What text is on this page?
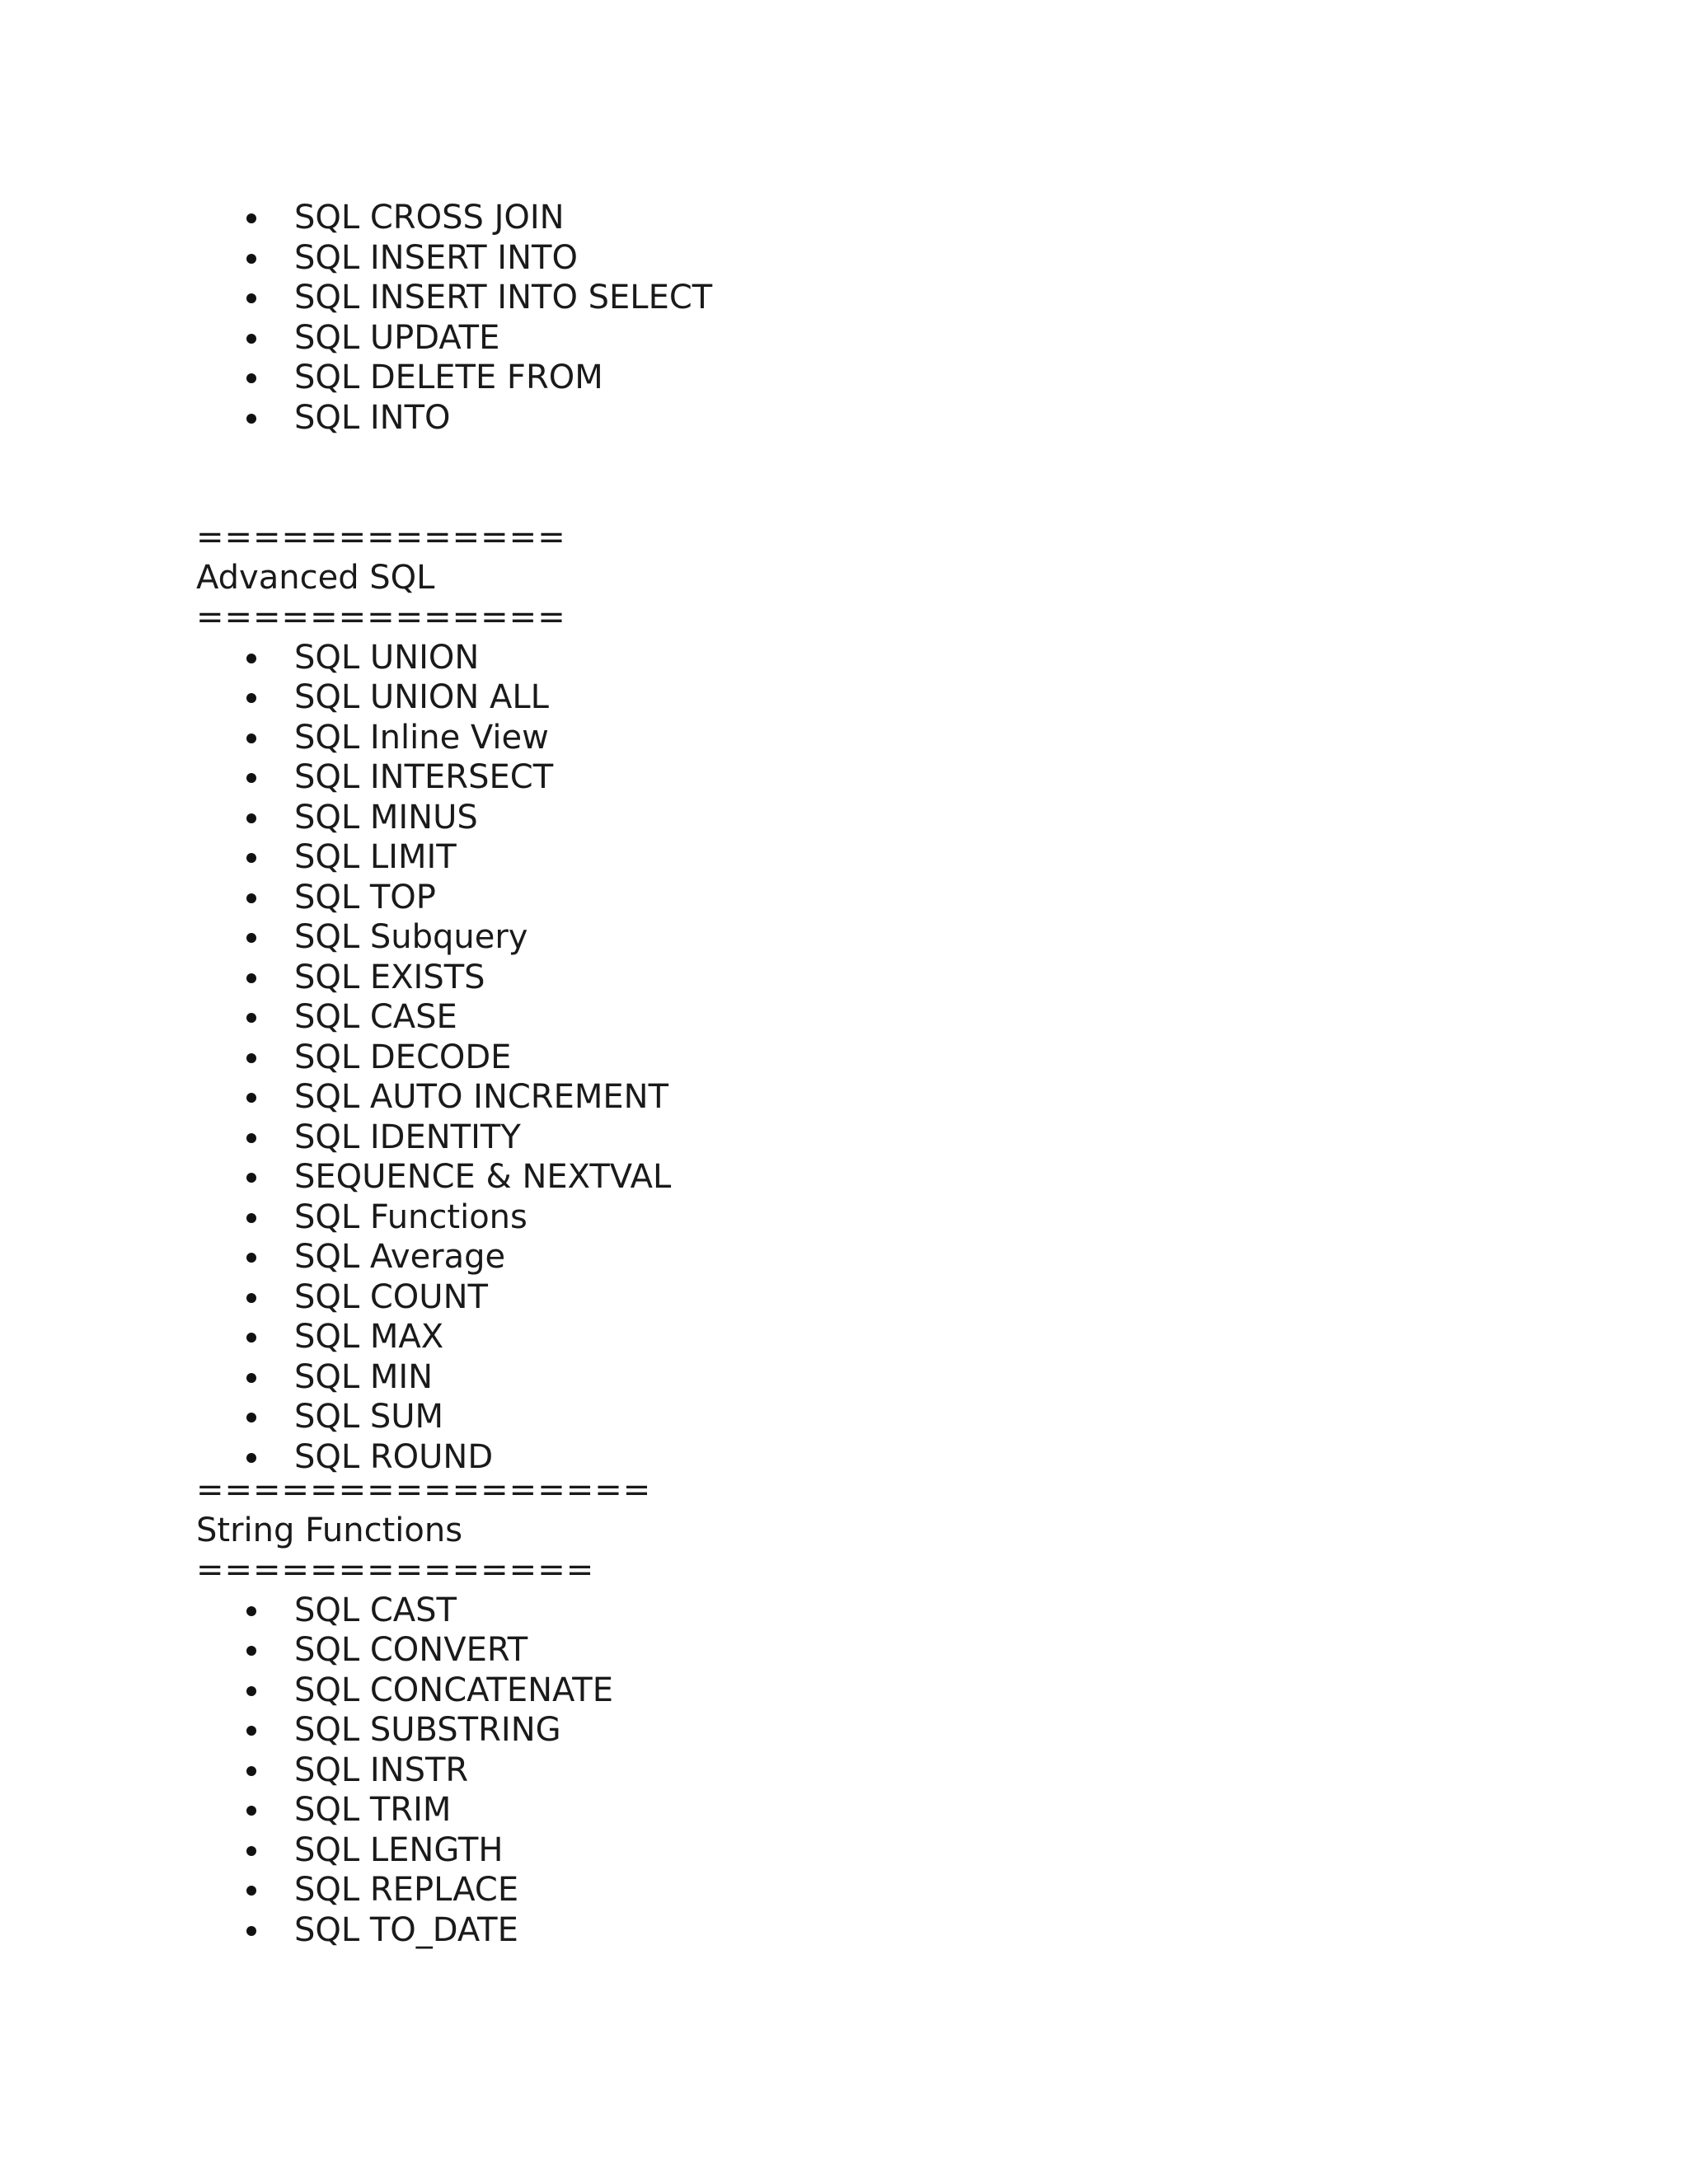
SQL CROSS JOIN
SQL INSERT INTO
SQL INSERT INTO SELECT
SQL UPDATE
SQL DELETE FROM
SQL INTO
=============
Advanced SQL
=============
SQL UNION
SQL UNION ALL
SQL Inline View
SQL INTERSECT
SQL MINUS
SQL LIMIT
SQL TOP
SQL Subquery
SQL EXISTS
SQL CASE
SQL DECODE
SQL AUTO INCREMENT
SQL IDENTITY
SEQUENCE & NEXTVAL
SQL Functions
SQL Average
SQL COUNT
SQL MAX
SQL MIN
SQL SUM
SQL ROUND
================
String Functions
==============
SQL CAST
SQL CONVERT
SQL CONCATENATE
SQL SUBSTRING
SQL INSTR
SQL TRIM
SQL LENGTH
SQL REPLACE
SQL TO_DATE
